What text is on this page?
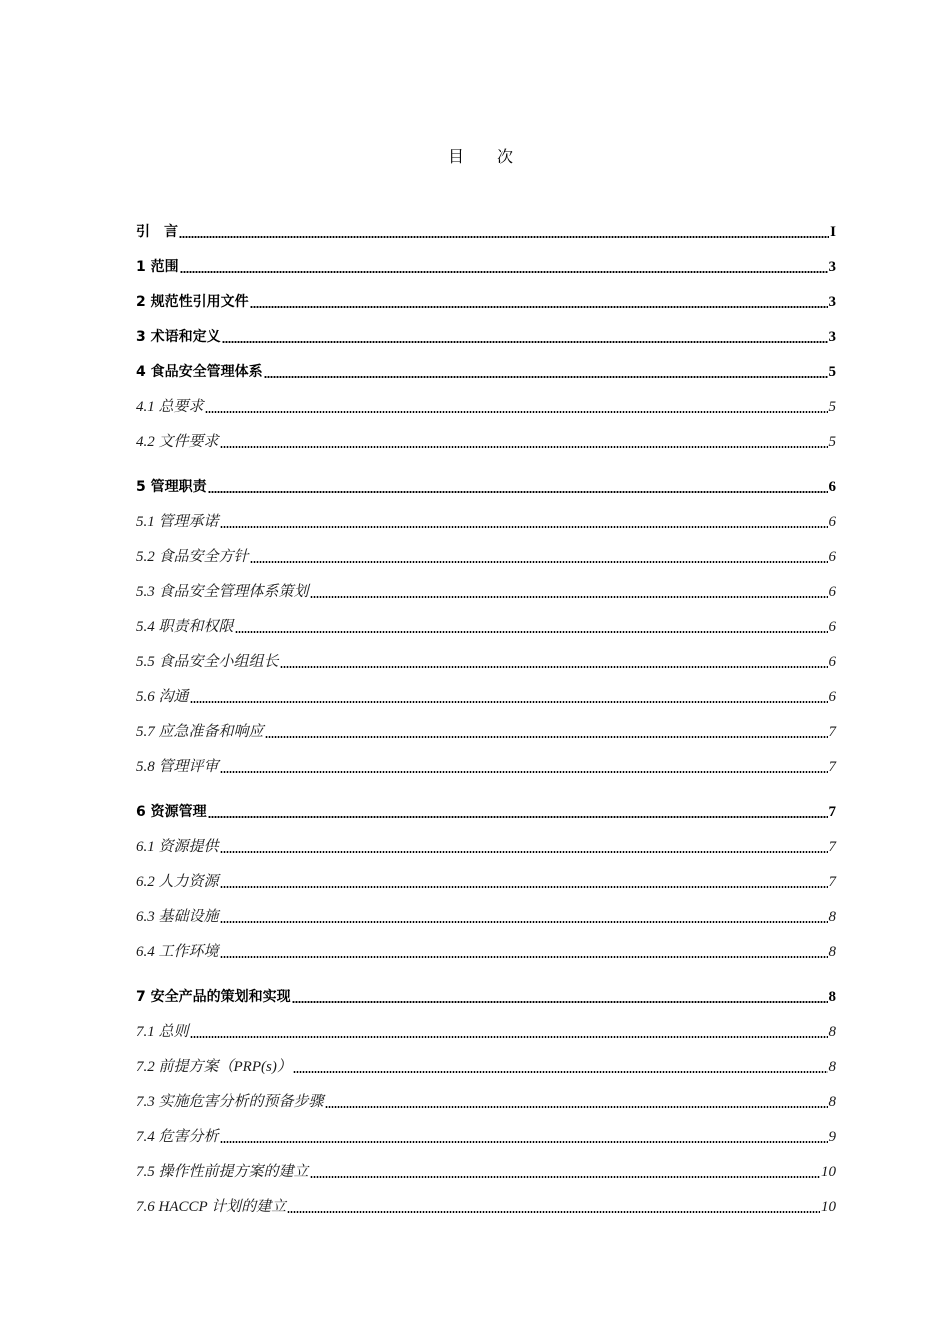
目 次
引　言	I
1 范围	3
2 规范性引用文件	3
3 术语和定义	3
4 食品安全管理体系	5
4.1 总要求	5
4.2 文件要求	5
5 管理职责	6
5.1 管理承诺	6
5.2 食品安全方针	6
5.3 食品安全管理体系策划	6
5.4 职责和权限	6
5.5 食品安全小组组长	6
5.6 沟通	6
5.7 应急准备和响应	7
5.8 管理评审	7
6 资源管理	7
6.1 资源提供	7
6.2 人力资源	7
6.3 基础设施	8
6.4 工作环境	8
7 安全产品的策划和实现	8
7.1 总则	8
7.2 前提方案（PRP(s)）	8
7.3 实施危害分析的预备步骤	8
7.4 危害分析	9
7.5 操作性前提方案的建立	10
7.6 HACCP 计划的建立	10
